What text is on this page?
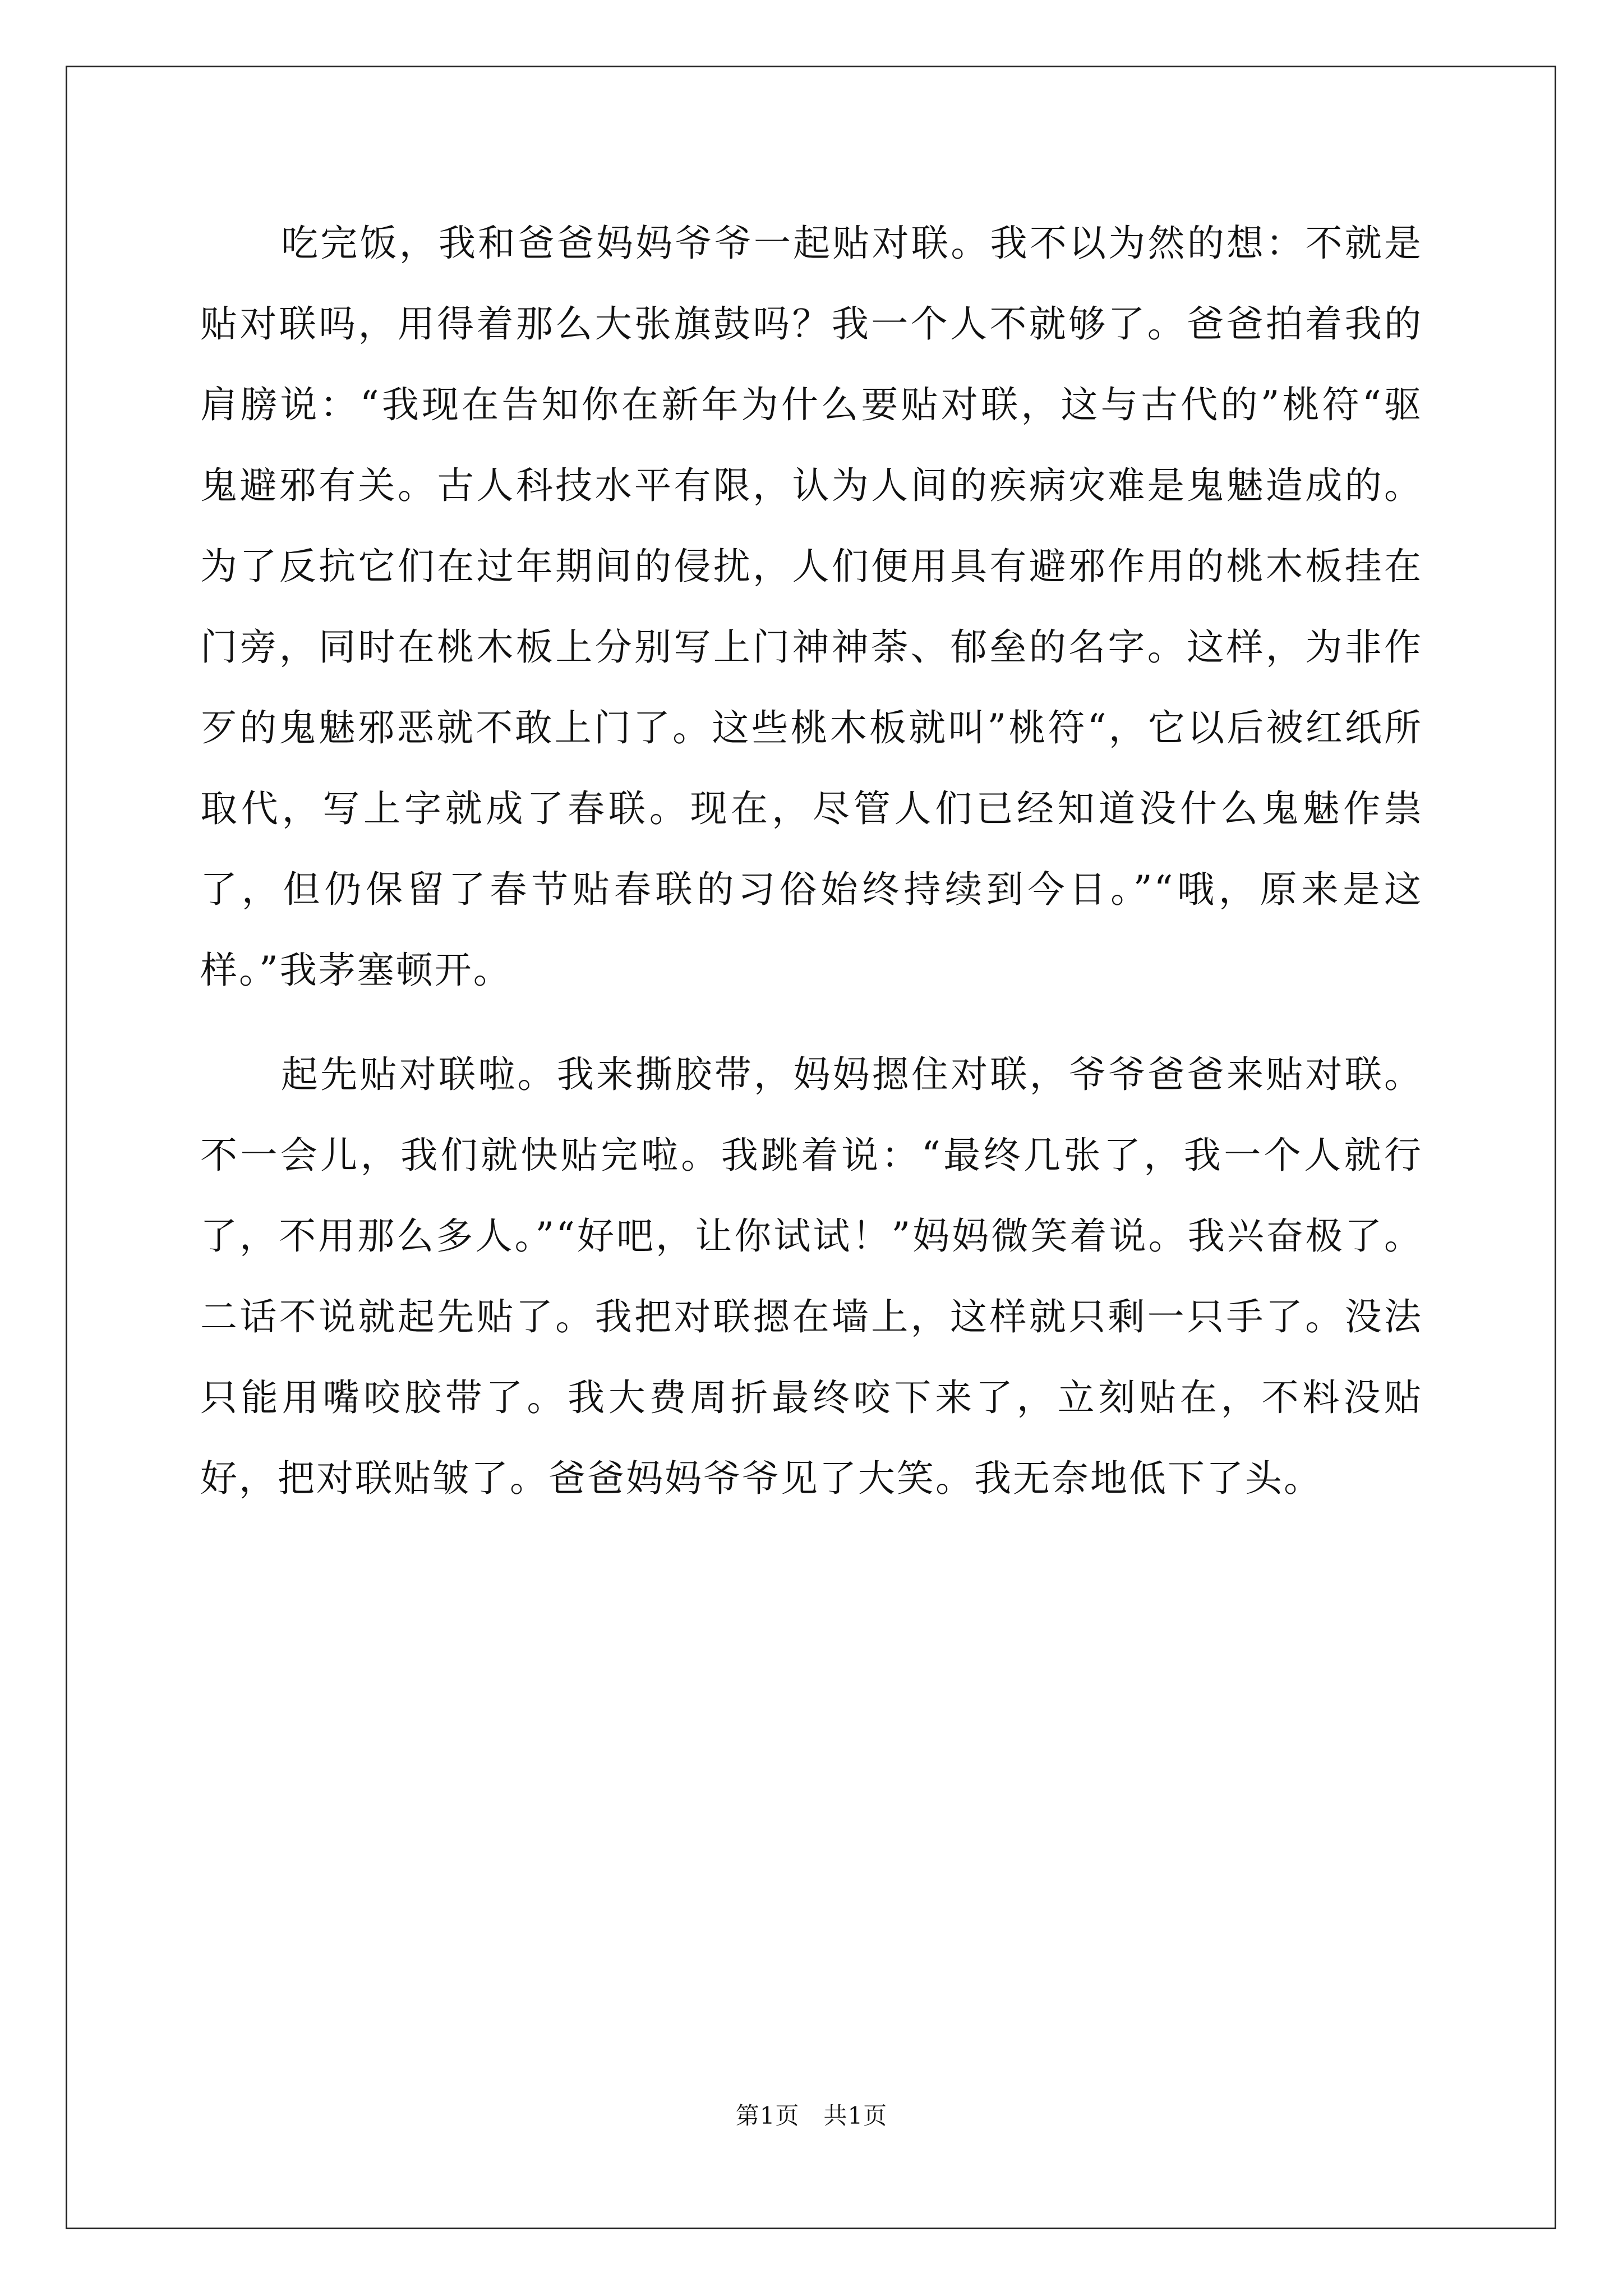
吃完饭，我和爸爸妈妈爷爷一起贴对联。我不以为然的想：不就是贴对联吗，用得着那么大张旗鼓吗？我一个人不就够了。爸爸拍着我的肩膀说：“我现在告知你在新年为什么要贴对联，这与古代的”桃符“驱鬼避邪有关。古人科技水平有限，认为人间的疾病灾难是鬼魅造成的。为了反抗它们在过年期间的侵扰，人们便用具有避邪作用的桃木板挂在门旁，同时在桃木板上分别写上门神神荼、郁垒的名字。这样，为非作歹的鬼魅邪恶就不敢上门了。这些桃木板就叫”桃符“，它以后被红纸所取代，写上字就成了春联。现在，尽管人们已经知道没什么鬼魅作祟了，但仍保留了春节贴春联的习俗始终持续到今日。”“哦，原来是这样。”我茅塞顿开。

起先贴对联啦。我来撕胶带，妈妈摁住对联，爷爷爸爸来贴对联。不一会儿，我们就快贴完啦。我跳着说：“最终几张了，我一个人就行了，不用那么多人。”“好吧，让你试试！”妈妈微笑着说。我兴奋极了。二话不说就起先贴了。我把对联摁在墙上，这样就只剩一只手了。没法只能用嘴咬胶带了。我大费周折最终咬下来了，立刻贴在，不料没贴好，把对联贴皱了。爸爸妈妈爷爷见了大笑。我无奈地低下了头。

第1页 共1页
